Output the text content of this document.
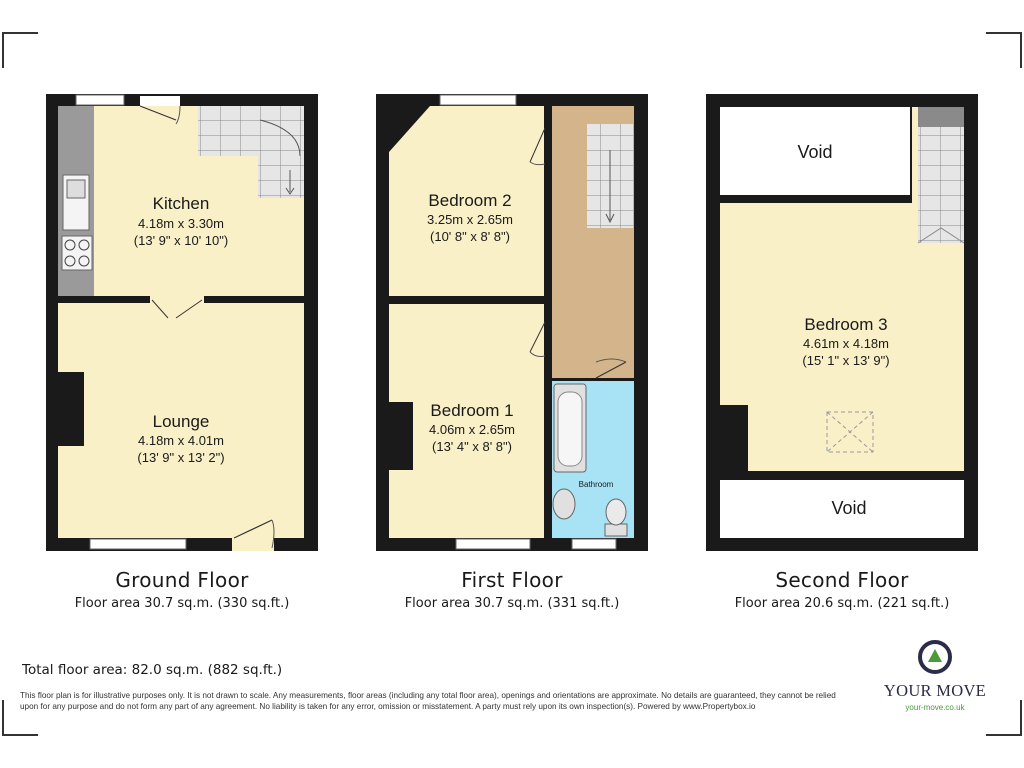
Kitchen
4.18m x 3.30m
(13' 9" x 10' 10")
Lounge
4.18m x 4.01m
(13' 9" x 13' 2")
Bedroom 2
3.25m x 2.65m
(10' 8" x 8' 8")
Bedroom 1
4.06m x 2.65m
(13' 4" x 8' 8")
Bathroom
Void
Bedroom 3
4.61m x 4.18m
(15' 1" x 13' 9")
Void
Ground Floor
Floor area 30.7 sq.m. (330 sq.ft.)
First Floor
Floor area 30.7 sq.m. (331 sq.ft.)
Second Floor
Floor area 20.6 sq.m. (221 sq.ft.)
Total floor area: 82.0 sq.m. (882 sq.ft.)
This floor plan is for illustrative purposes only. It is not drawn to scale. Any measurements, floor areas (including any total floor area), openings and orientations are approximate. No details are guaranteed, they cannot be relied upon for any purpose and do not form any part of any agreement. No liability is taken for any error, omission or misstatement. A party must rely upon its own inspection(s). Powered by www.Propertybox.io
YOUR MOVE
your-move.co.uk
